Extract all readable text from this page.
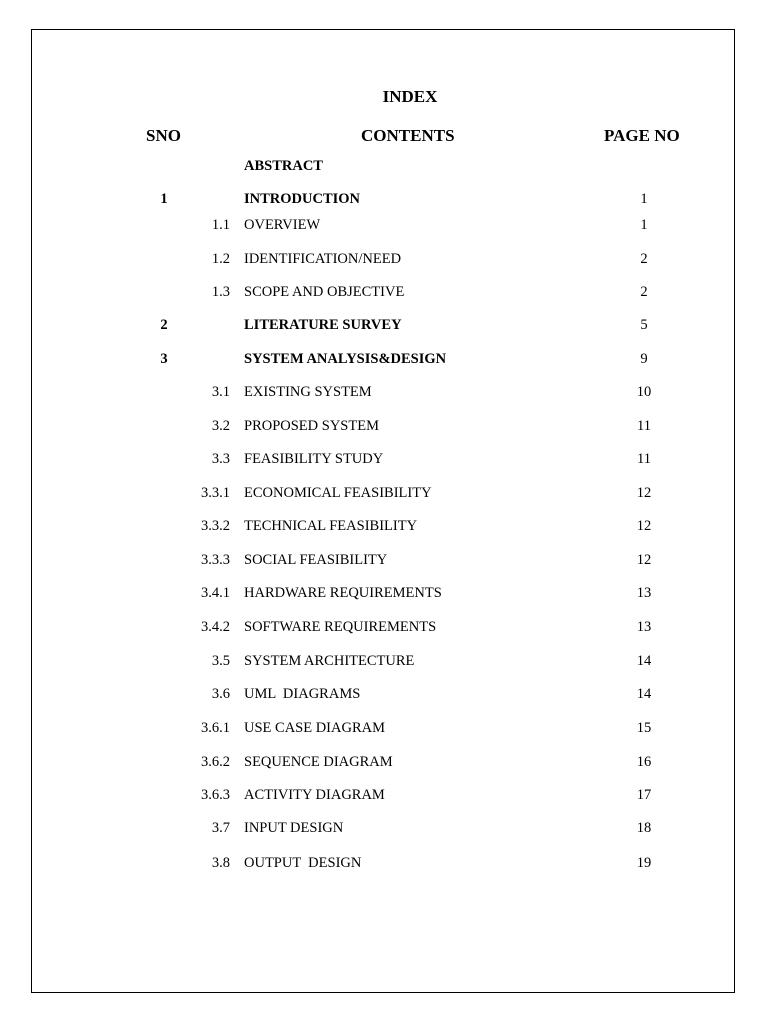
INDEX
SNO	CONTENTS	PAGE NO
ABSTRACT
1	INTRODUCTION	1
1.1 OVERVIEW	1
1.2 IDENTIFICATION/NEED	2
1.3 SCOPE AND OBJECTIVE	2
2	LITERATURE SURVEY	5
3	SYSTEM ANALYSIS&DESIGN	9
3.1 EXISTING SYSTEM	10
3.2 PROPOSED SYSTEM	11
3.3 FEASIBILITY STUDY	11
3.3.1 ECONOMICAL FEASIBILITY	12
3.3.2 TECHNICAL FEASIBILITY	12
3.3.3 SOCIAL FEASIBILITY	12
3.4.1 HARDWARE REQUIREMENTS	13
3.4.2 SOFTWARE REQUIREMENTS	13
3.5 SYSTEM ARCHITECTURE	14
3.6 UML  DIAGRAMS	14
3.6.1 USE CASE DIAGRAM	15
3.6.2 SEQUENCE DIAGRAM	16
3.6.3 ACTIVITY DIAGRAM	17
3.7 INPUT DESIGN	18
3.8 OUTPUT  DESIGN	19
